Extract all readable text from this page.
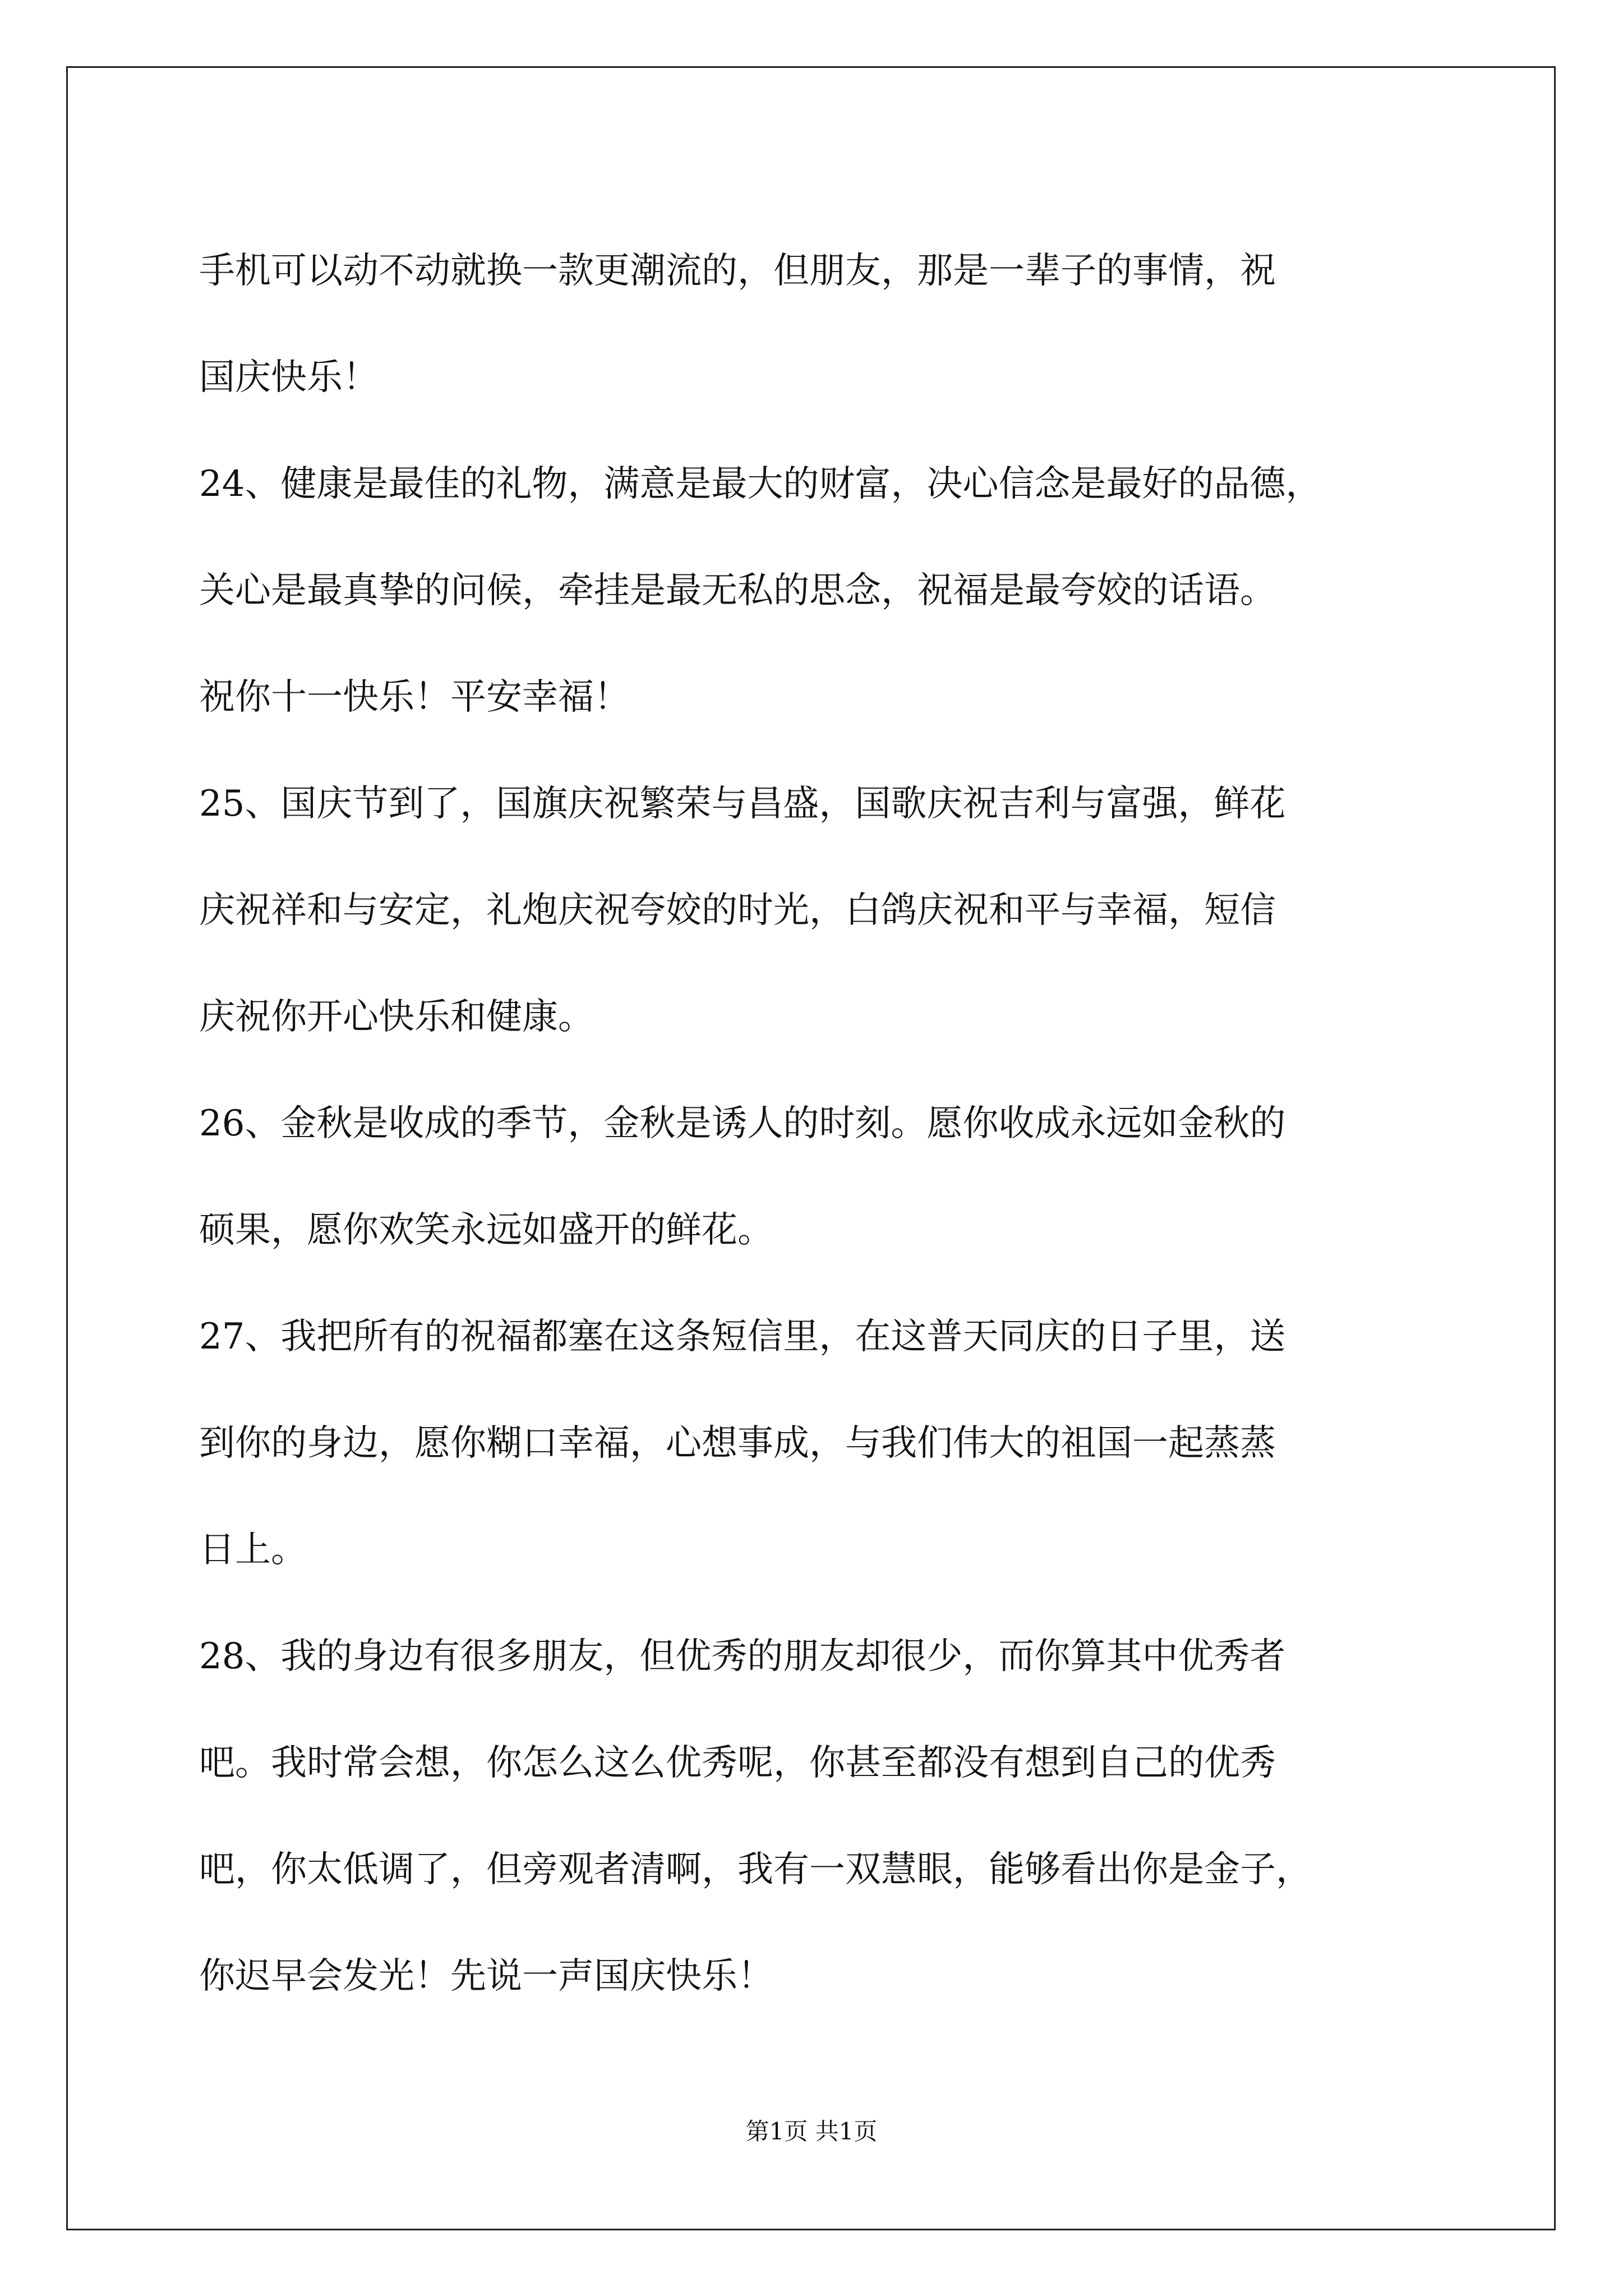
手机可以动不动就换一款更潮流的，但朋友，那是一辈子的事情，祝
国庆快乐！
24、健康是最佳的礼物，满意是最大的财富，决心信念是最好的品德，
关心是最真挚的问候，牵挂是最无私的思念，祝福是最夸姣的话语。
祝你十一快乐！平安幸福！
25、国庆节到了，国旗庆祝繁荣与昌盛，国歌庆祝吉利与富强，鲜花
庆祝祥和与安定，礼炮庆祝夸姣的时光，白鸽庆祝和平与幸福，短信
庆祝你开心快乐和健康。
26、金秋是收成的季节，金秋是诱人的时刻。愿你收成永远如金秋的
硕果，愿你欢笑永远如盛开的鲜花。
27、我把所有的祝福都塞在这条短信里，在这普天同庆的日子里，送
到你的身边，愿你糊口幸福，心想事成，与我们伟大的祖国一起蒸蒸
日上。
28、我的身边有很多朋友，但优秀的朋友却很少，而你算其中优秀者
吧。我时常会想，你怎么这么优秀呢，你甚至都没有想到自己的优秀
吧，你太低调了，但旁观者清啊，我有一双慧眼，能够看出你是金子，
你迟早会发光！先说一声国庆快乐！
第1页 共1页
